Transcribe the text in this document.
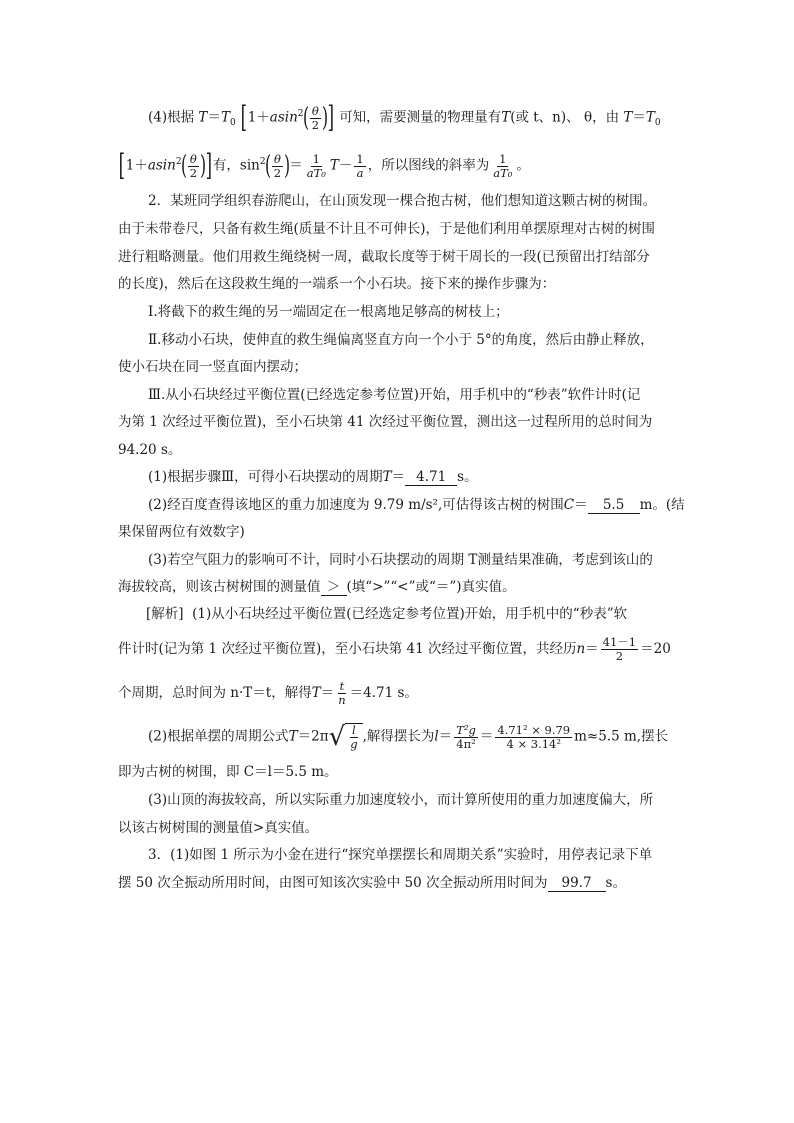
(4)根据 $T=T_0$ [$1+asin^2( \frac{\theta}{2}$ )] 可知，需要测量的物理量有T(或 t、n)、 θ，由 $T=T_0$
[$1+asin^2( \frac{\theta}{2}$ )]有，$\sin^2( \frac{\theta}{2}$ )＝ $\frac{1}{\text{aT₀}} T- \frac{1}{a}$ ，所以图线的斜率为 $\frac{1}{\text{aT₀}}$ 。
2．某班同学组织春游爬山，在山顶发现一棵合抱古树，他们想知道这颗古树的树围。
由于未带卷尺，只备有救生绳(质量不计且不可伸长)，于是他们利用单摆原理对古树的树围
进行粗略测量。他们用救生绳绕树一周，截取长度等于树干周长的一段(已预留出打结部分
的长度)，然后在这段救生绳的一端系一个小石块。接下来的操作步骤为：
Ⅰ.将截下的救生绳的另一端固定在一根离地足够高的树枝上；
Ⅱ.移动小石块，使伸直的救生绳偏离竖直方向一个小于 5°的角度，然后由静止释放，
使小石块在同一竖直面内摆动；
Ⅲ.从小石块经过平衡位置(已经选定参考位置)开始，用手机中的“秒表”软件计时(记
为第 1 次经过平衡位置)，至小石块第 41 次经过平衡位置，测出这一过程所用的总时间为
94.20 s。
(1)根据步骤Ⅲ，可得小石块摆动的周期T＝ 4.71 s。
(2)经百度查得该地区的重力加速度为 9.79 m/s²,可估得该古树的树围C＝ 5.5 m。(结
果保留两位有效数字)
(3)若空气阻力的影响可不计，同时小石块摆动的周期 T测量结果准确，考虑到该山的
海拔较高，则该古树树围的测量值 ＞ (填“>”“<”或“＝”)真实值。
[解析] (1)从小石块经过平衡位置(已经选定参考位置)开始，用手机中的“秒表”软
件计时(记为第 1 次经过平衡位置)，至小石块第 41 次经过平衡位置，共经历$n= \frac{41-1}{2} =20$
个周期，总时间为 n·T＝t，解得$T= \frac{t}{n} =4.71$ s。
(2)根据单摆的周期公式T＝2π √ $\frac{l}{g}$ ,解得摆长为$l= \frac{\text{T²g}}{\text{4π²}} = \frac{\text{4.71² × 9.79}}{\text{4 × 3.14²}} m\approx 5.5$ m,摆长
即为古树的树围，即 C＝l＝5.5 m。
(3)山顶的海拔较高，所以实际重力加速度较小，而计算所使用的重力加速度偏大，所
以该古树树围的测量值>真实值。
3．(1)如图 1 所示为小金在进行“探究单摆摆长和周期关系”实验时，用停表记录下单
摆 50 次全振动所用时间，由图可知该次实验中 50 次全振动所用时间为 99.7 s。
